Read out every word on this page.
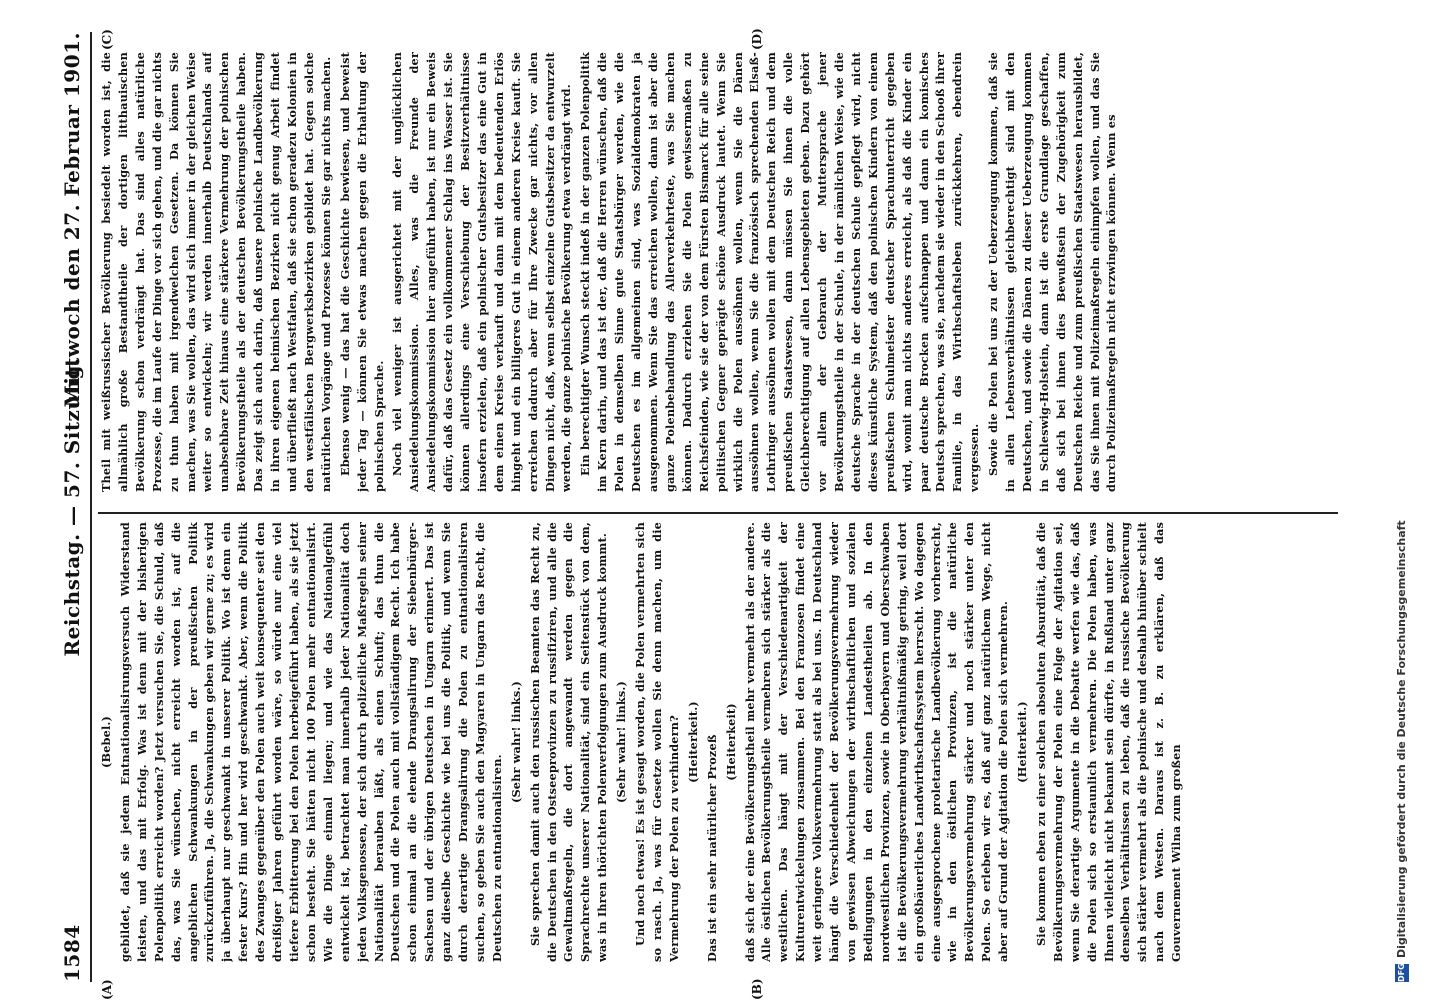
1584
Reichstag. — 57. Sitzung.
Mittwoch den 27. Februar 1901.
(A)	(B)
(C)	(D)

(Bebel.) gebildet, daß sie jedem Entnationalisirungsversuch Widerstand leisten, und das mit Erfolg. Was ist denn mit der bisherigen Polenpolitik erreicht worden? Jetzt versuchen Sie, die Schuld, daß das, was Sie wünschen, nicht erreicht worden ist, auf die angeblichen Schwankungen in der preußischen Politik zurückzuführen. Ja, die Schwankungen geben wir gerne zu; es wird ja überhaupt nur geschwankt in unserer Politik. Wo ist denn ein fester Kurs? Hin und her wird geschwankt. Aber, wenn die Politik des Zwanges gegenüber den Polen auch weit konsequenter seit den dreißiger Jahren geführt worden wäre, so würde nur eine viel tiefere Erbitterung bei den Polen herbeigeführt haben, als sie jetzt schon besteht. Sie hätten nicht 100 Polen mehr entnationalisirt. Wie die Dinge einmal liegen; und wie das Nationalgefühl entwickelt ist, betrachtet man innerhalb jeder Nationalität doch jeden Volksgenossen, der sich durch polizeiliche Maßregeln seiner Nationalität berauben läßt, als einen Schuft; das thun die Deutschen und die Polen auch mit vollständigem Recht. Ich habe schon einmal an die elende Drangsalirung der Siebenbürger-Sachsen und der übrigen Deutschen in Ungarn erinnert. Das ist ganz dieselbe Geschichte wie bei uns die Politik, und wenn Sie durch derartige Drangsalirung die Polen zu entnationalisiren suchen, so geben Sie auch den Magyaren in Ungarn das Recht, die Deutschen zu entnationalisiren.

(Sehr wahr! links.) Sie sprechen damit auch den russischen Beamten das Recht zu, die Deutschen in den Ostseeprovinzen zu russifiziren, und alle die Gewaltmaßregeln, die dort angewandt werden gegen die Sprachrechte unserer Nationalität, sind ein Seitenstück von dem, was in Ihren thörichten Polenverfolgungen zum Ausdruck kommt. (Sehr wahr! links.) Und noch etwas! Es ist gesagt worden, die Polen vermehrten sich so rasch. Ja, was für Gesetze wollen Sie denn machen, um die Vermehrung der Polen zu verhindern? (Heiterkeit.) Das ist ein sehr natürlicher Prozeß (Heiterkeit) daß sich der eine Bevölkerungstheil mehr vermehrt als der andere. Alle östlichen Bevölkerungstheile vermehren sich stärker als die westlichen. Das hängt mit der Verschiedenartigkeit der Kulturentwickelungen zusammen. Bei den Franzosen findet eine weit geringere Volksvermehrung statt als bei uns. In Deutschland hängt die Verschiedenheit der Bevölkerungsvermehrung wieder von gewissen Abweichungen der wirthschaftlichen und sozialen Bedingungen in den einzelnen Landestheilen ab. In den nordwestlichen Provinzen, sowie in Oberbayern und Oberschwaben ist die Bevölkerungsvermehrung verhältnißmäßig gering, weil dort ein großbäuerliches Landwirthschaftssystem herrscht. Wo dagegen eine ausgesprochene proletarische Landbevölkerung vorherrscht, wie in den östlichen Provinzen, ist die natürliche Bevölkerungsvermehrung stärker und noch stärker unter den Polen. So erleben wir es, daß auf ganz natürlichem Wege, nicht aber auf Grund der Agitation die Polen sich vermehren. (Heiterkeit.) Sie kommen eben zu einer solchen absoluten Absurdität, daß die Bevölkerungsvermehrung der Polen eine Folge der Agitation sei, wenn Sie derartige Argumente in die Debatte werfen wie das, daß die Polen sich so erstaunlich vermehren. Die Polen haben, was Ihnen vielleicht nicht bekannt sein dürfte, in Rußland unter ganz denselben Verhältnissen zu leben, daß die russische Bevölkerung sich stärker vermehrt als die polnische und deshalb hinüber schielt nach dem Westen. Daraus ist z. B. zu erklären, daß das Gouvernement Wilna zum großen

Theil mit weißrussischer Bevölkerung besiedelt worden ist, die allmählich große Bestandtheile der dortigen litthauischen Bevölkerung schon verdrängt hat. Das sind alles natürliche Prozesse, die im Laufe der Dinge vor sich gehen, und die gar nichts zu thun haben mit irgendwelchen Gesetzen. Da können Sie machen, was Sie wollen, das wird sich immer in der gleichen Weise weiter so entwickeln; wir werden innerhalb Deutschlands auf unabsehbare Zeit hinaus eine stärkere Vermehrung der polnischen Bevölkerungstheile als der deutschen Bevölkerungstheile haben. Das zeigt sich auch darin, daß unsere polnische Landbevölkerung in ihren eigenen heimischen Bezirken nicht genug Arbeit findet und überfließt nach Westfalen, daß sie schon geradezu Kolonien in den westfälischen Bergwerksbezirken gebildet hat. Gegen solche natürlichen Vorgänge und Prozesse können Sie gar nichts machen. Ebenso wenig — das hat die Geschichte bewiesen, und beweist jeder Tag — können Sie etwas machen gegen die Erhaltung der polnischen Sprache. Noch viel weniger ist ausgerichtet mit der unglücklichen Ansiedelungskommission. Alles, was die Freunde der Ansiedelungskommission hier angeführt haben, ist nur ein Beweis dafür, daß das Gesetz ein vollkommener Schlag ins Wasser ist. Sie können allerdings eine Verschiebung der Besitzverhältnisse insofern erzielen, daß ein polnischer Gutsbesitzer das eine Gut in dem einen Kreise verkauft und dann mit dem bedeutenden Erlös hingeht und ein billigeres Gut in einem anderen Kreise kauft. Sie erreichen dadurch aber für Ihre Zwecke gar nichts, vor allen Dingen nicht, daß, wenn selbst einzelne Gutsbesitzer da entwurzelt werden, die ganze polnische Bevölkerung etwa verdrängt wird. Ein berechtigter Wunsch steckt indeß in der ganzen Polenpolitik im Kern darin, und das ist der, daß die Herren wünschen, daß die Polen in demselben Sinne gute Staatsbürger werden, wie die Deutschen es im allgemeinen sind, was Sozialdemokraten ja ausgenommen. Wenn Sie das erreichen wollen, dann ist aber die ganze Polenbehandlung das Allerverkehrteste, was Sie machen können. Dadurch erziehen Sie die Polen gewissermaßen zu Reichsfeinden, wie sie der von dem Fürsten Bismarck für alle seine politischen Gegner geprägte schöne Ausdruck lautet. Wenn Sie wirklich die Polen aussöhnen wollen, wenn Sie die Dänen aussöhnen wollen, wenn Sie die französisch sprechenden Elsaß-Lothringer aussöhnen wollen mit dem Deutschen Reich und dem preußischen Staatswesen, dann müssen Sie ihnen die volle Gleichberechtigung auf allen Lebensgebieten geben. Dazu gehört vor allem der Gebrauch der Muttersprache jener Bevölkerungstheile in der Schule, in der nämlichen Weise, wie die deutsche Sprache in der deutschen Schule gepflegt wird, nicht dieses künstliche System, daß den polnischen Kindern von einem preußischen Schulmeister deutscher Sprachunterricht gegeben wird, womit man nichts anderes erreicht, als daß die Kinder ein paar deutsche Brocken aufschnappen und dann ein komisches Deutsch sprechen, was sie, nachdem sie wieder in den Schooß ihrer Familie, in das Wirthschaftsleben zurückkehren, ebendrein vergessen. Sowie die Polen bei uns zu der Ueberzeugung kommen, daß sie in allen Lebensverhältnissen gleichberechtigt sind mit den Deutschen, und sowie die Dänen zu dieser Ueberzeugung kommen in Schleswig-Holstein, dann ist die erste Grundlage geschaffen, daß sich bei ihnen dies Bewußtsein der Zugehörigkeit zum Deutschen Reiche und zum preußischen Staatswesen herausbildet, das Sie ihnen mit Polizeimaßregeln einimpfen wollen, und das Sie durch Polizeimaßregeln nicht erzwingen können. Wenn es

DFGDigitalisierung gefördert durch die Deutsche Forschungsgemeinschaft
